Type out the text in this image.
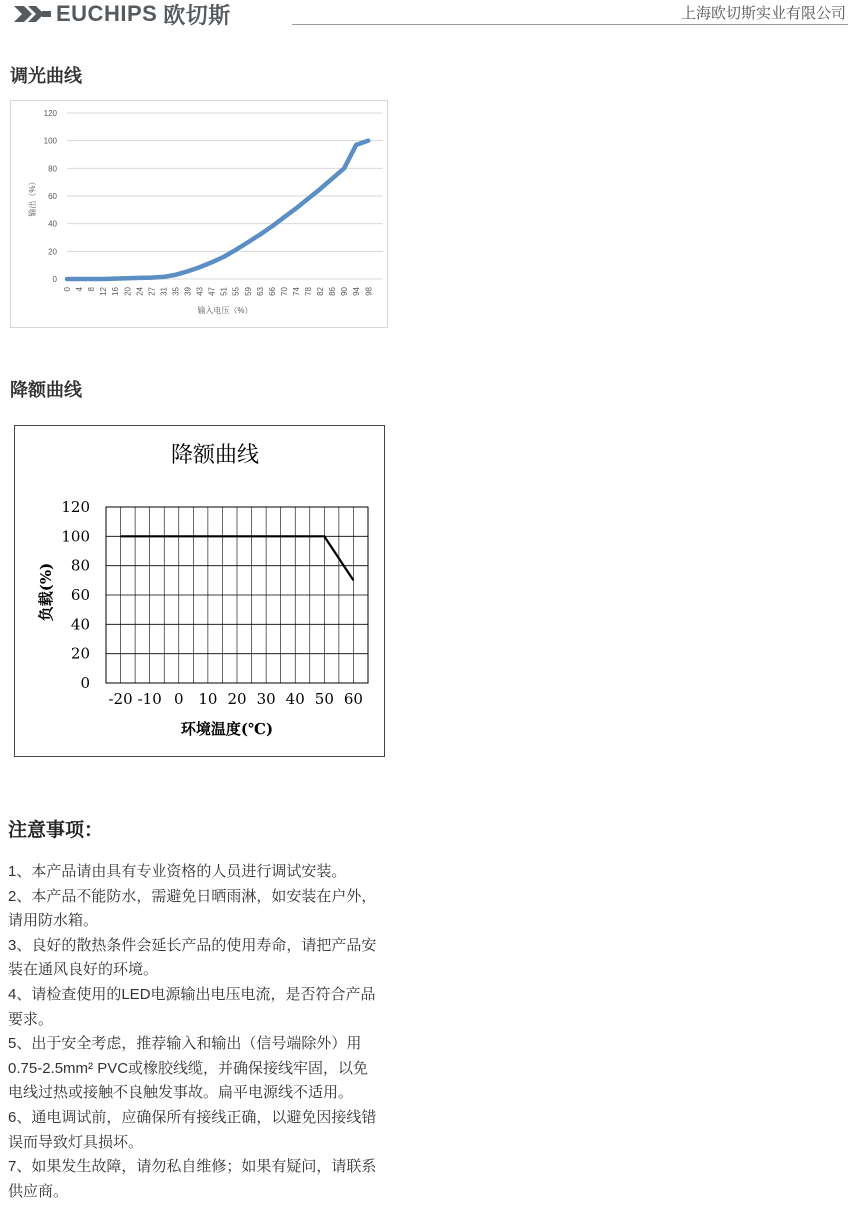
EUCHIPS 欧切斯	上海欧切斯实业有限公司
调光曲线
0
20
40
60
80
100
120
0 4 8 12 16 20 24 27 31 35 39 43 47 51 55 59 63 66 70 74 78 82 86 90 94 98
输入电压（%）
输出（%）
降额曲线
降额曲线
0
20
40
60
80
100
120
-20 -10 0 10 20 30 40 50 60
环境温度(℃)
负载(%)
注意事项：
1、本产品请由具有专业资格的人员进行调试安装。
2、本产品不能防水，需避免日晒雨淋，如安装在户外，
请用防水箱。
3、良好的散热条件会延长产品的使用寿命，请把产品安
装在通风良好的环境。
4、请检查使用的LED电源输出电压电流，是否符合产品
要求。
5、出于安全考虑，推荐输入和输出（信号端除外）用
0.75-2.5mm² PVC或橡胶线缆，并确保接线牢固，以免
电线过热或接触不良触发事故。扁平电源线不适用。
6、通电调试前，应确保所有接线正确，以避免因接线错
误而导致灯具损坏。
7、如果发生故障，请勿私自维修；如果有疑问，请联系
供应商。
